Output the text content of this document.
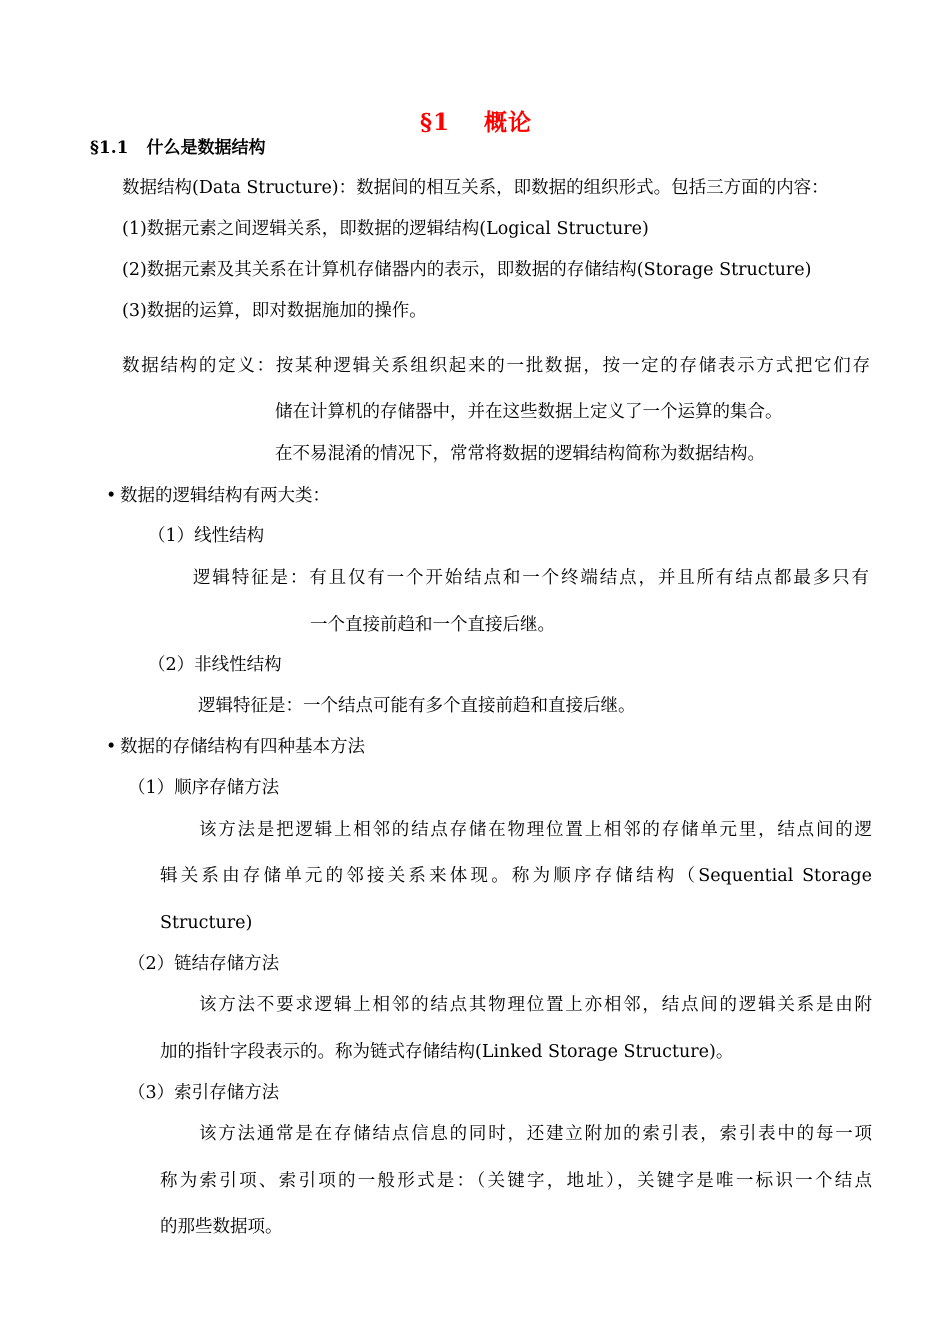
§1 概论
§1.1 什么是数据结构
数据结构(Data Structure)：数据间的相互关系，即数据的组织形式。包括三方面的内容：
(1)数据元素之间逻辑关系，即数据的逻辑结构(Logical Structure)
(2)数据元素及其关系在计算机存储器内的表示，即数据的存储结构(Storage Structure)
(3)数据的运算，即对数据施加的操作。
数据结构的定义：按某种逻辑关系组织起来的一批数据，按一定的存储表示方式把它们存
储在计算机的存储器中，并在这些数据上定义了一个运算的集合。
在不易混淆的情况下，常常将数据的逻辑结构简称为数据结构。
• 数据的逻辑结构有两大类：
（1）线性结构
逻辑特征是：有且仅有一个开始结点和一个终端结点，并且所有结点都最多只有
一个直接前趋和一个直接后继。
（2）非线性结构
逻辑特征是：一个结点可能有多个直接前趋和直接后继。
• 数据的存储结构有四种基本方法
（1）顺序存储方法
该方法是把逻辑上相邻的结点存储在物理位置上相邻的存储单元里，结点间的逻
辑关系由存储单元的邻接关系来体现。称为顺序存储结构（Sequential Storage
Structure)
（2）链结存储方法
该方法不要求逻辑上相邻的结点其物理位置上亦相邻，结点间的逻辑关系是由附
加的指针字段表示的。称为链式存储结构(Linked Storage Structure)。
（3）索引存储方法
该方法通常是在存储结点信息的同时，还建立附加的索引表，索引表中的每一项
称为索引项、索引项的一般形式是：（关键字，地址），关键字是唯一标识一个结点
的那些数据项。
